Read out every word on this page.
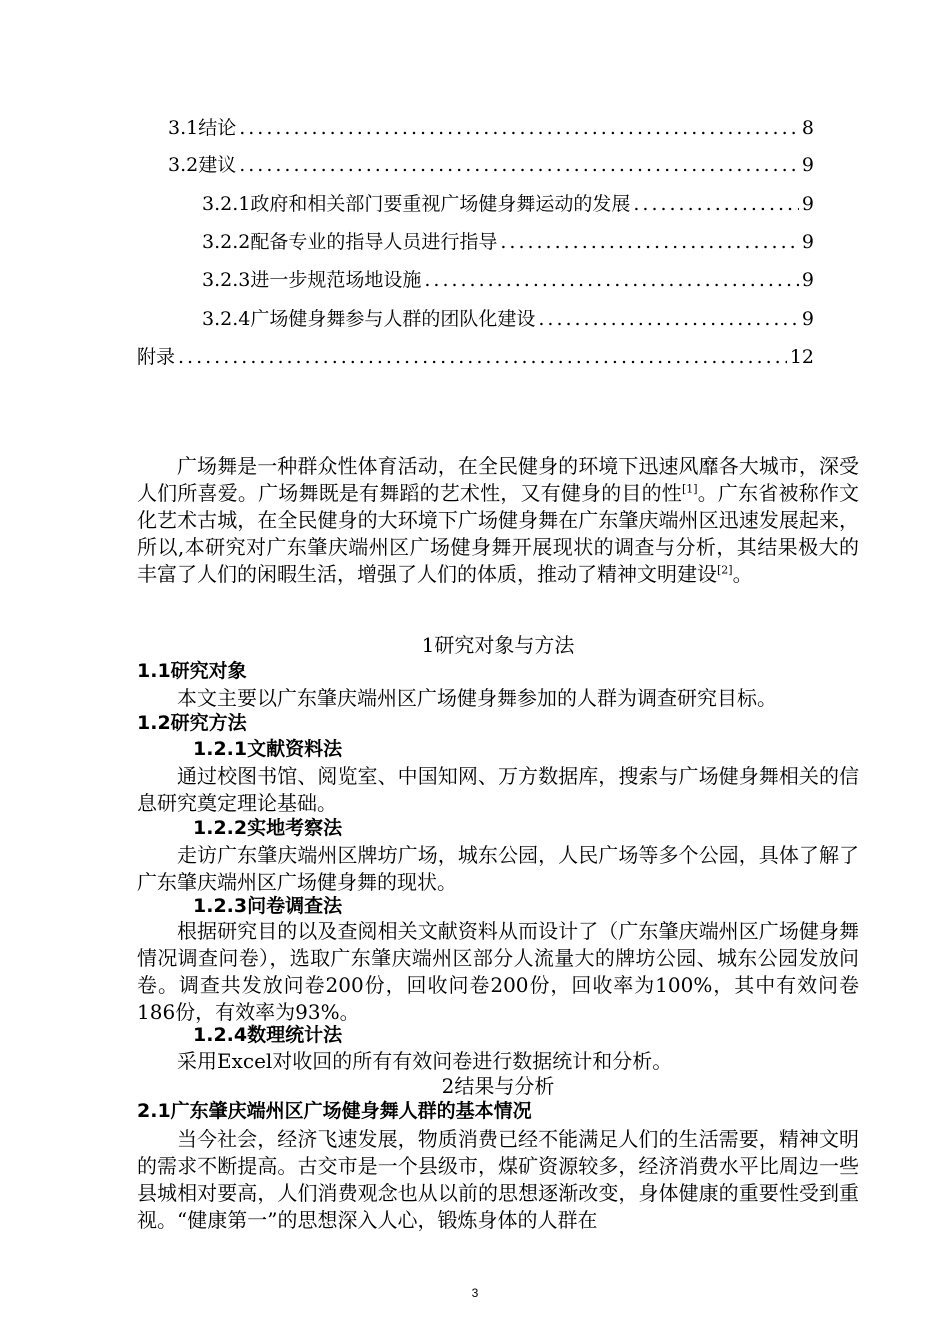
3.1结论 .....	8
3.2建议 .....	9
3.2.1政府和相关部门要重视广场健身舞运动的发展 .....	9
3.2.2配备专业的指导人员进行指导 .....	9
3.2.3进一步规范场地设施 .....	9
3.2.4广场健身舞参与人群的团队化建设 .....	9
附录 .....	12

广场舞是一种群众性体育活动，在全民健身的环境下迅速风靡各大城市，深受人们所喜爱。广场舞既是有舞蹈的艺术性，又有健身的目的性[1]。广东省被称作文化艺术古城，在全民健身的大环境下广场健身舞在广东肇庆端州区迅速发展起来，所以,本研究对广东肇庆端州区广场健身舞开展现状的调查与分析，其结果极大的丰富了人们的闲暇生活，增强了人们的体质，推动了精神文明建设[2]。

1研究对象与方法
1.1研究对象

本文主要以广东肇庆端州区广场健身舞参加的人群为调查研究目标。

1.2研究方法
1.2.1文献资料法

通过校图书馆、阅览室、中国知网、万方数据库，搜索与广场健身舞相关的信息研究奠定理论基础。

1.2.2实地考察法

走访广东肇庆端州区牌坊广场，城东公园，人民广场等多个公园，具体了解了广东肇庆端州区广场健身舞的现状。

1.2.3问卷调查法

根据研究目的以及查阅相关文献资料从而设计了（广东肇庆端州区广场健身舞情况调查问卷），选取广东肇庆端州区部分人流量大的牌坊公园、城东公园发放问卷。调查共发放问卷200份，回收问卷200份，回收率为100%，其中有效问卷186份，有效率为93%。

1.2.4数理统计法

采用Excel对收回的所有有效问卷进行数据统计和分析。

2结果与分析
2.1广东肇庆端州区广场健身舞人群的基本情况

当今社会，经济飞速发展，物质消费已经不能满足人们的生活需要，精神文明的需求不断提高。古交市是一个县级市，煤矿资源较多，经济消费水平比周边一些县城相对要高，人们消费观念也从以前的思想逐渐改变，身体健康的重要性受到重视。“健康第一”的思想深入人心，锻炼身体的人群在

3
